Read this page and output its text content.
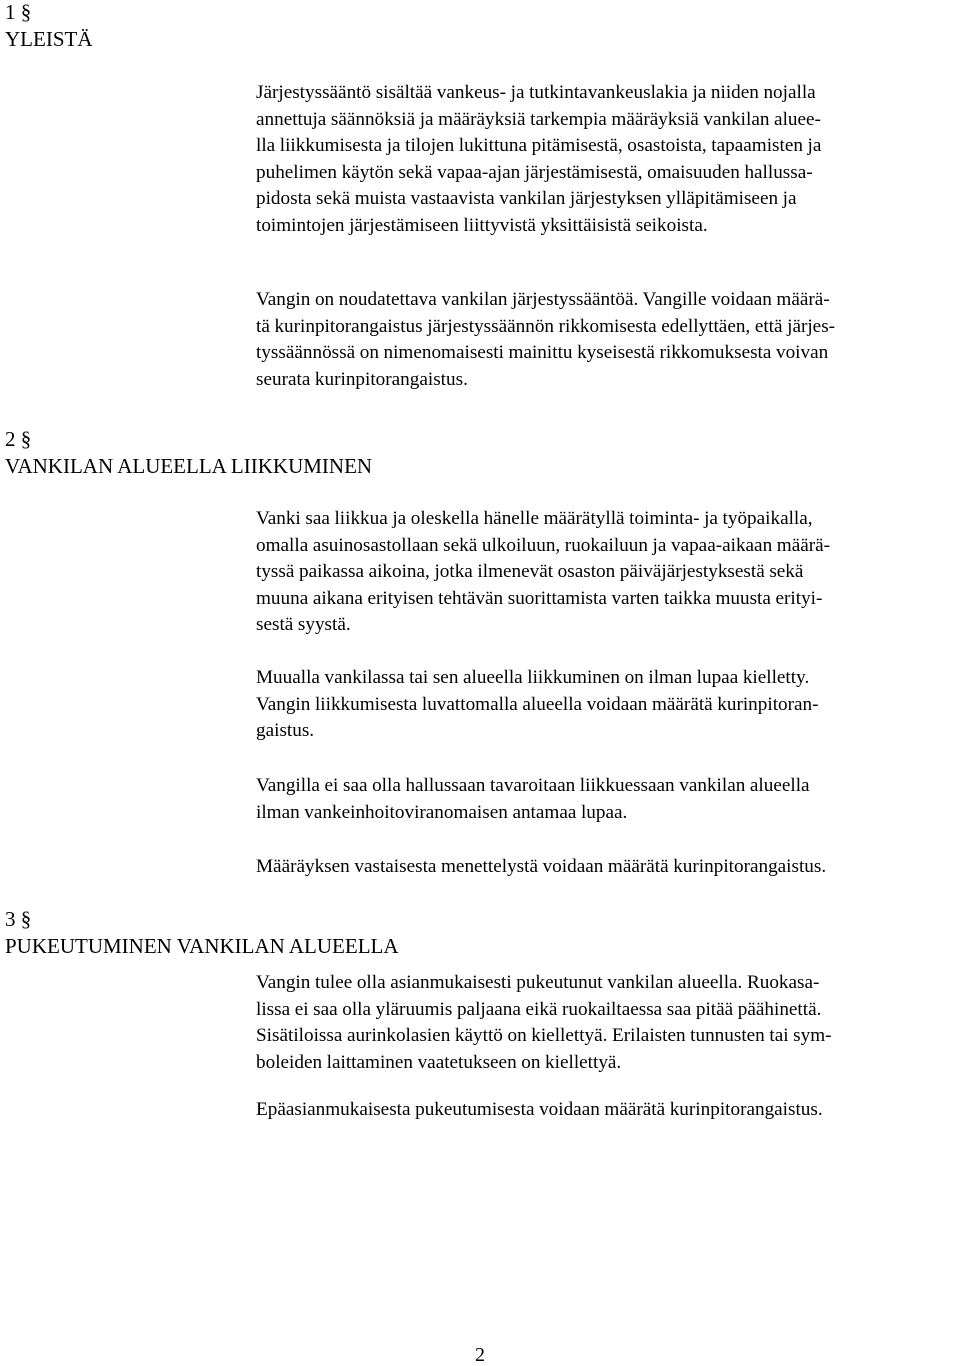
1 §
YLEISTÄ

Järjestyssääntö sisältää vankeus- ja tutkintavankeuslakia ja niiden nojalla
annettuja säännöksiä ja määräyksiä tarkempia määräyksiä vankilan aluee-
lla liikkumisesta ja tilojen lukittuna pitämisestä, osastoista, tapaamisten ja
puhelimen käytön sekä vapaa-ajan järjestämisestä, omaisuuden hallussa-
pidosta sekä muista vastaavista vankilan järjestyksen ylläpitämiseen ja
toimintojen järjestämiseen liittyvistä yksittäisistä seikoista.

Vangin on noudatettava vankilan järjestyssääntöä. Vangille voidaan määrä-
tä kurinpitorangaistus järjestyssäännön rikkomisesta edellyttäen, että järjes-
tyssäännössä on nimenomaisesti mainittu kyseisestä rikkomuksesta voivan
seurata kurinpitorangaistus.

2 §
VANKILAN ALUEELLA LIIKKUMINEN

Vanki saa liikkua ja oleskella hänelle määrätyllä toiminta- ja työpaikalla,
omalla asuinosastollaan sekä ulkoiluun, ruokailuun ja vapaa-aikaan määrä-
tyssä paikassa aikoina, jotka ilmenevät osaston päiväjärjestyksestä sekä
muuna aikana erityisen tehtävän suorittamista varten taikka muusta erityi-
sestä syystä.

Muualla vankilassa tai sen alueella liikkuminen on ilman lupaa kielletty.
Vangin liikkumisesta luvattomalla alueella voidaan määrätä kurinpitoran-
gaistus.

Vangilla ei saa olla hallussaan tavaroitaan liikkuessaan vankilan alueella
ilman vankeinhoitoviranomaisen antamaa lupaa.

Määräyksen vastaisesta menettelystä voidaan määrätä kurinpitorangaistus.

3 §
PUKEUTUMINEN VANKILAN ALUEELLA

Vangin tulee olla asianmukaisesti pukeutunut vankilan alueella. Ruokasa-
lissa ei saa olla yläruumis paljaana eikä ruokailtaessa saa pitää päähinettä.
Sisätiloissa aurinkolasien käyttö on kiellettyä. Erilaisten tunnusten tai sym-
boleiden laittaminen vaatetukseen on kiellettyä.

Epäasianmukaisesta pukeutumisesta voidaan määrätä kurinpitorangaistus.

2
